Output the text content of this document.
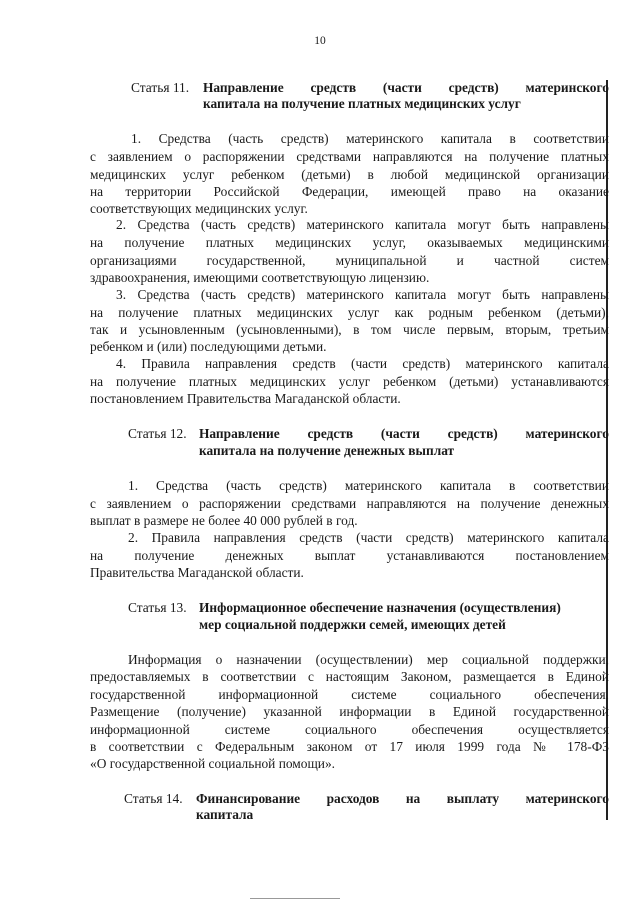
10
Статья 11. Направление средств (части средств) материнского
капитала на получение платных медицинских услуг
1. Средства (часть средств) материнского капитала в соответствии
с заявлением о распоряжении средствами направляются на получение платных
медицинских услуг ребенком (детьми) в любой медицинской организации
на территории Российской Федерации, имеющей право на оказание
соответствующих медицинских услуг.
2. Средства (часть средств) материнского капитала могут быть направлены
на получение платных медицинских услуг, оказываемых медицинскими
организациями государственной, муниципальной и частной систем
здравоохранения, имеющими соответствующую лицензию.
3. Средства (часть средств) материнского капитала могут быть направлены
на получение платных медицинских услуг как родным ребенком (детьми),
так и усыновленным (усыновленными), в том числе первым, вторым, третьим
ребенком и (или) последующими детьми.
4. Правила направления средств (части средств) материнского капитала
на получение платных медицинских услуг ребенком (детьми) устанавливаются
постановлением Правительства Магаданской области.
Статья 12. Направление средств (части средств) материнского
капитала на получение денежных выплат
1. Средства (часть средств) материнского капитала в соответствии
с заявлением о распоряжении средствами направляются на получение денежных
выплат в размере не более 40 000 рублей в год.
2. Правила направления средств (части средств) материнского капитала
на получение денежных выплат устанавливаются постановлением
Правительства Магаданской области.
Статья 13. Информационное обеспечение назначения (осуществления)
мер социальной поддержки семей, имеющих детей
Информация о назначении (осуществлении) мер социальной поддержки,
предоставляемых в соответствии с настоящим Законом, размещается в Единой
государственной информационной системе социального обеспечения.
Размещение (получение) указанной информации в Единой государственной
информационной системе социального обеспечения осуществляется
в соответствии с Федеральным законом от 17 июля 1999 года № 178-ФЗ
«О государственной социальной помощи».
Статья 14. Финансирование расходов на выплату материнского
капитала
